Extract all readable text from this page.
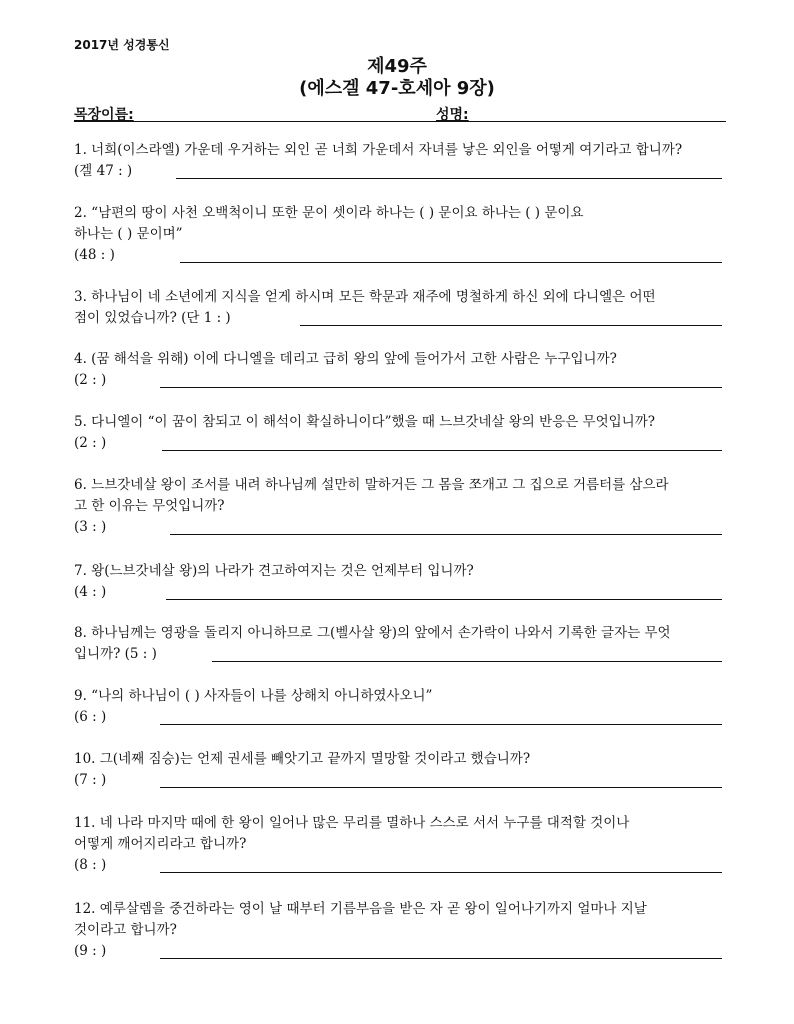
2017년 성경통신
제49주
(에스겔 47-호세아 9장)
목장이름:	성명:
1. 너희(이스라엘) 가운데 우거하는 외인 곧 너희 가운데서 자녀를 낳은 외인을 어떻게 여기라고 합니까?
(겔 47 : )
2. “남편의 땅이 사천 오백척이니 또한 문이 셋이라 하나는 ( ) 문이요 하나는 ( ) 문이요
하나는 ( ) 문이며”
(48 : )
3. 하나님이 네 소년에게 지식을 얻게 하시며 모든 학문과 재주에 명철하게 하신 외에 다니엘은 어떤
점이 있었습니까? (단 1 : )
4. (꿈 해석을 위해) 이에 다니엘을 데리고 급히 왕의 앞에 들어가서 고한 사람은 누구입니까?
(2 : )
5. 다니엘이 “이 꿈이 참되고 이 해석이 확실하니이다”했을 때 느브갓네살 왕의 반응은 무엇입니까?
(2 : )
6. 느브갓네살 왕이 조서를 내려 하나님께 설만히 말하거든 그 몸을 쪼개고 그 집으로 거름터를 삼으라
고 한 이유는 무엇입니까?
(3 : )
7. 왕(느브갓네살 왕)의 나라가 견고하여지는 것은 언제부터 입니까?
(4 : )
8. 하나님께는 영광을 돌리지 아니하므로 그(벨사살 왕)의 앞에서 손가락이 나와서 기록한 글자는 무엇
입니까? (5 : )
9. “나의 하나님이 ( ) 사자들이 나를 상해치 아니하였사오니”
(6 : )
10. 그(네째 짐승)는 언제 권세를 빼앗기고 끝까지 멸망할 것이라고 했습니까?
(7 : )
11. 네 나라 마지막 때에 한 왕이 일어나 많은 무리를 멸하나 스스로 서서 누구를 대적할 것이나
어떻게 깨어지리라고 합니까?
(8 : )
12. 예루살렘을 중건하라는 영이 날 때부터 기름부음을 받은 자 곧 왕이 일어나기까지 얼마나 지날
것이라고 합니까?
(9 : )
